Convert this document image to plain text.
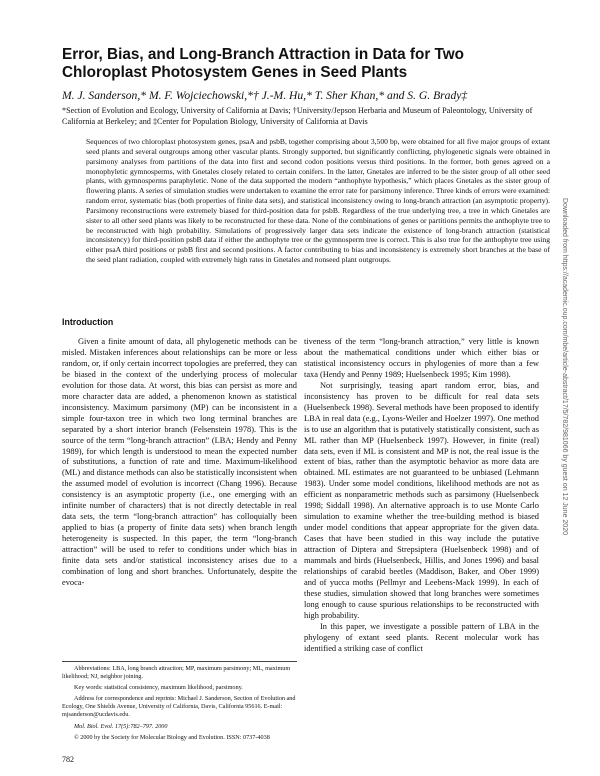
Error, Bias, and Long-Branch Attraction in Data for Two Chloroplast Photosystem Genes in Seed Plants

M. J. Sanderson,* M. F. Wojciechowski,*† J.-M. Hu,* T. Sher Khan,* and S. G. Brady‡

*Section of Evolution and Ecology, University of California at Davis; †University/Jepson Herbaria and Museum of Paleontology, University of California at Berkeley; and ‡Center for Population Biology, University of California at Davis

Sequences of two chloroplast photosystem genes, psaA and psbB, together comprising about 3,500 bp, were obtained for all five major groups of extant seed plants and several outgroups among other vascular plants. Strongly supported, but significantly conflicting, phylogenetic signals were obtained in parsimony analyses from partitions of the data into first and second codon positions versus third positions. In the former, both genes agreed on a monophyletic gymnosperms, with Gnetales closely related to certain conifers. In the latter, Gnetales are inferred to be the sister group of all other seed plants, with gymnosperms paraphyletic. None of the data supported the modern “anthophyte hypothesis,” which places Gnetales as the sister group of flowering plants. A series of simulation studies were undertaken to examine the error rate for parsimony inference. Three kinds of errors were examined: random error, systematic bias (both properties of finite data sets), and statistical inconsistency owing to long-branch attraction (an asymptotic property). Parsimony reconstructions were extremely biased for third-position data for psbB. Regardless of the true underlying tree, a tree in which Gnetales are sister to all other seed plants was likely to be reconstructed for these data. None of the combinations of genes or partitions permits the anthophyte tree to be reconstructed with high probability. Simulations of progressively larger data sets indicate the existence of long-branch attraction (statistical inconsistency) for third-position psbB data if either the anthophyte tree or the gymnosperm tree is correct. This is also true for the anthophyte tree using either psaA third positions or psbB first and second positions. A factor contributing to bias and inconsistency is extremely short branches at the base of the seed plant radiation, coupled with extremely high rates in Gnetales and nonseed plant outgroups.

Introduction

Given a finite amount of data, all phylogenetic methods can be misled. Mistaken inferences about relationships can be more or less random, or, if only certain incorrect topologies are preferred, they can be biased in the context of the underlying process of molecular evolution for those data. At worst, this bias can persist as more and more character data are added, a phenomenon known as statistical inconsistency. Maximum parsimony (MP) can be inconsistent in a simple four-taxon tree in which two long terminal branches are separated by a short interior branch (Felsenstein 1978). This is the source of the term “long-branch attraction” (LBA; Hendy and Penny 1989), for which length is understood to mean the expected number of substitutions, a function of rate and time. Maximum-likelihood (ML) and distance methods can also be statistically inconsistent when the assumed model of evolution is incorrect (Chang 1996). Because consistency is an asymptotic property (i.e., one emerging with an infinite number of characters) that is not directly detectable in real data sets, the term “long-branch attraction” has colloquially been applied to bias (a property of finite data sets) when branch length heterogeneity is suspected. In this paper, the term “long-branch attraction” will be used to refer to conditions under which bias in finite data sets and/or statistical inconsistency arises due to a combination of long and short branches. Unfortunately, despite the evoca-

tiveness of the term “long-branch attraction,” very little is known about the mathematical conditions under which either bias or statistical inconsistency occurs in phylogenies of more than a few taxa (Hendy and Penny 1989; Huelsenbeck 1995; Kim 1998).

Not surprisingly, teasing apart random error, bias, and inconsistency has proven to be difficult for real data sets (Huelsenbeck 1998). Several methods have been proposed to identify LBA in real data (e.g., Lyons-Weiler and Hoelzer 1997). One method is to use an algorithm that is putatively statistically consistent, such as ML rather than MP (Huelsenbeck 1997). However, in finite (real) data sets, even if ML is consistent and MP is not, the real issue is the extent of bias, rather than the asymptotic behavior as more data are obtained. ML estimates are not guaranteed to be unbiased (Lehmann 1983). Under some model conditions, likelihood methods are not as efficient as nonparametric methods such as parsimony (Huelsenbeck 1998; Siddall 1998). An alternative approach is to use Monte Carlo simulation to examine whether the tree-building method is biased under model conditions that appear appropriate for the given data. Cases that have been studied in this way include the putative attraction of Diptera and Strepsiptera (Huelsenbeck 1998) and of mammals and birds (Huelsenbeck, Hillis, and Jones 1996) and basal relationships of carabid beetles (Maddison, Baker, and Ober 1999) and of yucca moths (Pellmyr and Leebens-Mack 1999). In each of these studies, simulation showed that long branches were sometimes long enough to cause spurious relationships to be reconstructed with high probability.

In this paper, we investigate a possible pattern of LBA in the phylogeny of extant seed plants. Recent molecular work has identified a striking case of conflict

Abbreviations: LBA, long branch attraction; MP, maximum parsimony; ML, maximum likelihood; NJ, neighbor joining.

Key words: statistical consistency, maximum likelihood, parsimony.

Address for correspondence and reprints: Michael J. Sanderson, Section of Evolution and Ecology, One Shields Avenue, University of California, Davis, California 95616. E-mail: mjsanderson@ucdavis.edu.

Mol. Biol. Evol. 17(5):782–797. 2000

© 2000 by the Society for Molecular Biology and Evolution. ISSN: 0737-4038

782
Downloaded from https://academic.oup.com/mbe/article-abstract/17/5/782/981066 by guest on 12 June 2020
